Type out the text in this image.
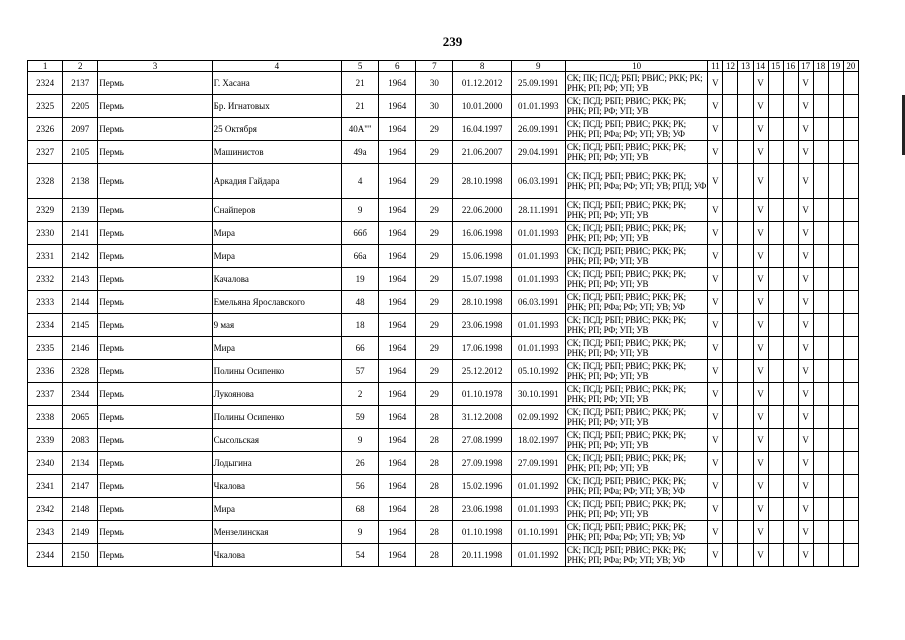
239
1	2	3	4	5	6	7	8	9	10	11	12	13	14	15	16	17	18	19	20
2324	2137	Пермь	Г. Хасана	21	1964	30	01.12.2012	25.09.1991	СК; ПК; ПСД; РБП; РВИС; РКК; РК; РНК; РП; РФ; УП; УВ	V			V			V			
2325	2205	Пермь	Бр. Игнатовых	21	1964	30	10.01.2000	01.01.1993	СК; ПСД; РБП; РВИС; РКК; РК; РНК; РП; РФ; УП; УВ	V			V			V			
2326	2097	Пермь	25 Октября	40А""	1964	29	16.04.1997	26.09.1991	СК; ПСД; РБП; РВИС; РКК; РК; РНК; РП; РФа; РФ; УП; УВ; УФ	V			V			V			
2327	2105	Пермь	Машинистов	49а	1964	29	21.06.2007	29.04.1991	СК; ПСД; РБП; РВИС; РКК; РК; РНК; РП; РФ; УП; УВ	V			V			V			
2328	2138	Пермь	Аркадия Гайдара	4	1964	29	28.10.1998	06.03.1991	СК; ПСД; РБП; РВИС; РКК; РК; РНК; РП; РФа; РФ; УП; УВ; РПД; УФ	V			V			V			
2329	2139	Пермь	Снайперов	9	1964	29	22.06.2000	28.11.1991	СК; ПСД; РБП; РВИС; РКК; РК; РНК; РП; РФ; УП; УВ	V			V			V			
2330	2141	Пермь	Мира	66б	1964	29	16.06.1998	01.01.1993	СК; ПСД; РБП; РВИС; РКК; РК; РНК; РП; РФ; УП; УВ	V			V			V			
2331	2142	Пермь	Мира	66а	1964	29	15.06.1998	01.01.1993	СК; ПСД; РБП; РВИС; РКК; РК; РНК; РП; РФ; УП; УВ	V			V			V			
2332	2143	Пермь	Качалова	19	1964	29	15.07.1998	01.01.1993	СК; ПСД; РБП; РВИС; РКК; РК; РНК; РП; РФ; УП; УВ	V			V			V			
2333	2144	Пермь	Емельяна Ярославского	48	1964	29	28.10.1998	06.03.1991	СК; ПСД; РБП; РВИС; РКК; РК; РНК; РП; РФа; РФ; УП; УВ; УФ	V			V			V			
2334	2145	Пермь	9 мая	18	1964	29	23.06.1998	01.01.1993	СК; ПСД; РБП; РВИС; РКК; РК; РНК; РП; РФ; УП; УВ	V			V			V			
2335	2146	Пермь	Мира	66	1964	29	17.06.1998	01.01.1993	СК; ПСД; РБП; РВИС; РКК; РК; РНК; РП; РФ; УП; УВ	V			V			V			
2336	2328	Пермь	Полины Осипенко	57	1964	29	25.12.2012	05.10.1992	СК; ПСД; РБП; РВИС; РКК; РК; РНК; РП; РФ; УП; УВ	V			V			V			
2337	2344	Пермь	Лукоянова	2	1964	29	01.10.1978	30.10.1991	СК; ПСД; РБП; РВИС; РКК; РК; РНК; РП; РФ; УП; УВ	V			V			V			
2338	2065	Пермь	Полины Осипенко	59	1964	28	31.12.2008	02.09.1992	СК; ПСД; РБП; РВИС; РКК; РК; РНК; РП; РФ; УП; УВ	V			V			V			
2339	2083	Пермь	Сысольская	9	1964	28	27.08.1999	18.02.1997	СК; ПСД; РБП; РВИС; РКК; РК; РНК; РП; РФ; УП; УВ	V			V			V			
2340	2134	Пермь	Лодыгина	26	1964	28	27.09.1998	27.09.1991	СК; ПСД; РБП; РВИС; РКК; РК; РНК; РП; РФ; УП; УВ	V			V			V			
2341	2147	Пермь	Чкалова	56	1964	28	15.02.1996	01.01.1992	СК; ПСД; РБП; РВИС; РКК; РК; РНК; РП; РФа; РФ; УП; УВ; УФ	V			V			V			
2342	2148	Пермь	Мира	68	1964	28	23.06.1998	01.01.1993	СК; ПСД; РБП; РВИС; РКК; РК; РНК; РП; РФ; УП; УВ	V			V			V			
2343	2149	Пермь	Мензелинская	9	1964	28	01.10.1998	01.10.1991	СК; ПСД; РБП; РВИС; РКК; РК; РНК; РП; РФа; РФ; УП; УВ; УФ	V			V			V			
2344	2150	Пермь	Чкалова	54	1964	28	20.11.1998	01.01.1992	СК; ПСД; РБП; РВИС; РКК; РК; РНК; РП; РФа; РФ; УП; УВ; УФ	V			V			V			
